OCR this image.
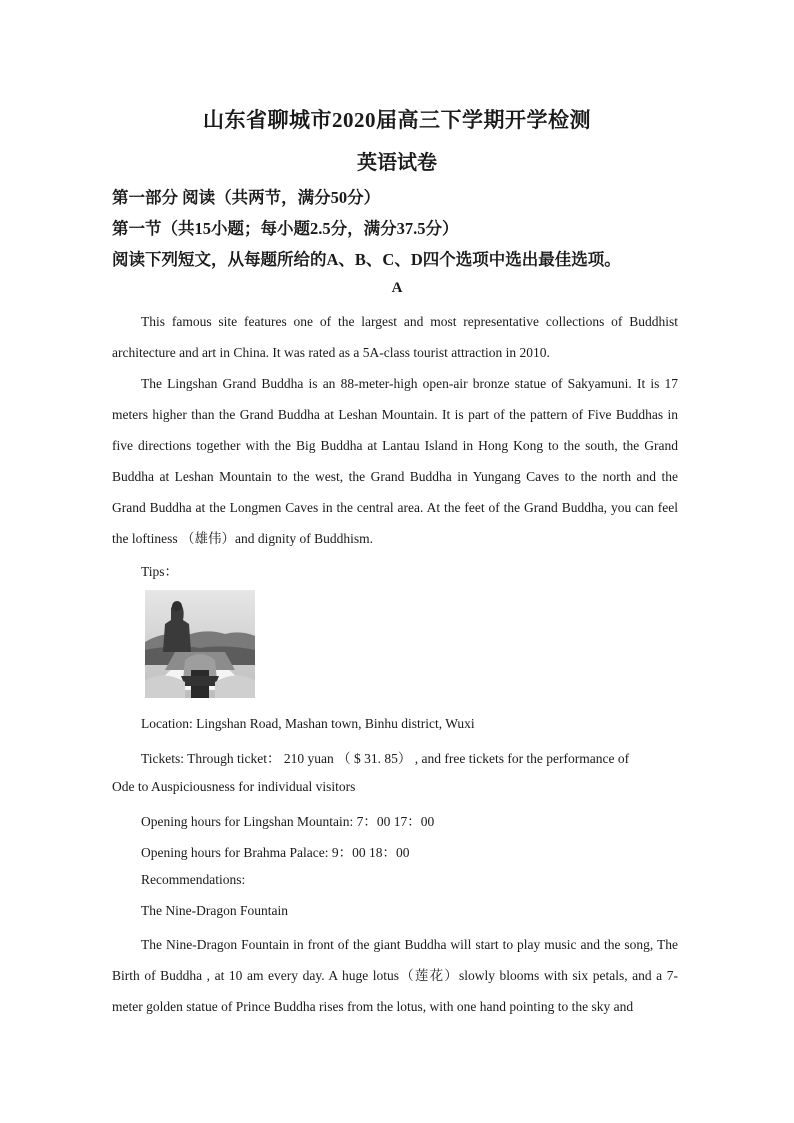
山东省聊城市2020届高三下学期开学检测
英语试卷
第一部分 阅读（共两节，满分50分）
第一节（共15小题；每小题2.5分，满分37.5分）
阅读下列短文，从每题所给的A、B、C、D四个选项中选出最佳选项。
A
This famous site features one of the largest and most representative collections of Buddhist architecture and art in China. It was rated as a 5A-class tourist attraction in 2010.
The Lingshan Grand Buddha is an 88-meter-high open-air bronze statue of Sakyamuni. It is 17 meters higher than the Grand Buddha at Leshan Mountain. It is part of the pattern of Five Buddhas in five directions together with the Big Buddha at Lantau Island in Hong Kong to the south, the Grand Buddha at Leshan Mountain to the west, the Grand Buddha in Yungang Caves to the north and the Grand Buddha at the Longmen Caves in the central area. At the feet of the Grand Buddha, you can feel the loftiness （雄伟）and dignity of Buddhism.
Tips：
Location: Lingshan Road, Mashan town, Binhu district, Wuxi
Tickets: Through ticket： 210 yuan （ $ 31. 85） , and free tickets for the performance of
Ode to Auspiciousness for individual visitors
Opening hours for Lingshan Mountain: 7：00 17：00
Opening hours for Brahma Palace: 9：00 18：00
Recommendations:
The Nine-Dragon Fountain
The Nine-Dragon Fountain in front of the giant Buddha will start to play music and the song, The Birth of Buddha , at 10 am every day. A huge lotus（莲花）slowly blooms with six petals, and a 7-meter golden statue of Prince Buddha rises from the lotus, with one hand pointing to the sky and
